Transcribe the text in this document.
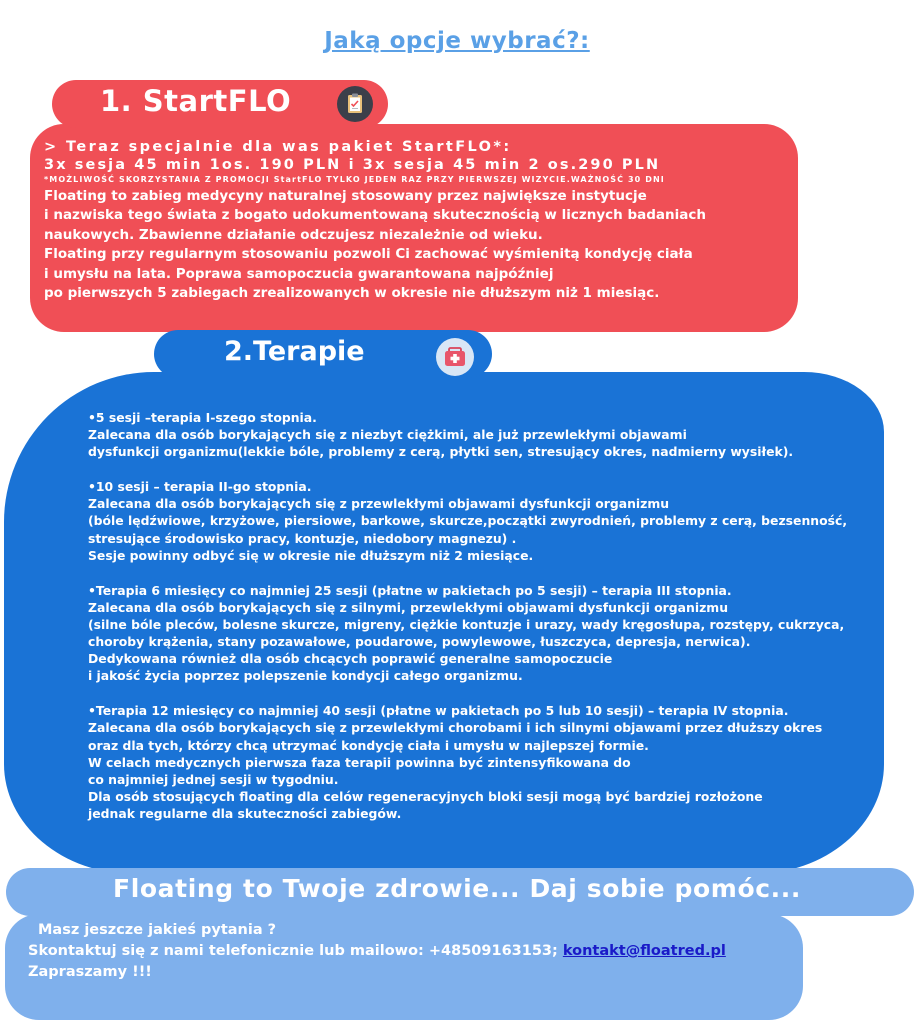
Jaką opcje wybrać?:
1. StartFLO
> Teraz specjalnie dla was pakiet StartFLO*:
3x sesja 45 min 1os. 190 PLN i 3x sesja 45 min 2 os.290 PLN
*MOŻLIWOŚĆ SKORZYSTANIA Z PROMOCJI StartFLO TYLKO JEDEN RAZ PRZY PIERWSZEJ WIZYCIE.WAŻNOŚĆ 30 DNI
Floating to zabieg medycyny naturalnej stosowany przez największe instytucje
i nazwiska tego świata z bogato udokumentowaną skutecznością w licznych badaniach
naukowych. Zbawienne działanie odczujesz niezależnie od wieku.
Floating przy regularnym stosowaniu pozwoli Ci zachować wyśmienitą kondycję ciała
i umysłu na lata. Poprawa samopoczucia gwarantowana najpóźniej
po pierwszych 5 zabiegach zrealizowanych w okresie nie dłuższym niż 1 miesiąc.
2.Terapie
•5 sesji –terapia I-szego stopnia.
Zalecana dla osób borykających się z niezbyt ciężkimi, ale już przewlekłymi objawami
dysfunkcji organizmu(lekkie bóle, problemy z cerą, płytki sen, stresujący okres, nadmierny wysiłek).
•10 sesji – terapia II-go stopnia.
Zalecana dla osób borykających się z przewlekłymi objawami dysfunkcji organizmu
(bóle lędźwiowe, krzyżowe, piersiowe, barkowe, skurcze,początki zwyrodnień, problemy z cerą, bezsenność,
stresujące środowisko pracy, kontuzje, niedobory magnezu) .
Sesje powinny odbyć się w okresie nie dłuższym niż 2 miesiące.
•Terapia 6 miesięcy co najmniej 25 sesji (płatne w pakietach po 5 sesji) – terapia III stopnia.
Zalecana dla osób borykających się z silnymi, przewlekłymi objawami dysfunkcji organizmu
(silne bóle pleców, bolesne skurcze, migreny, ciężkie kontuzje i urazy, wady kręgosłupa, rozstępy, cukrzyca,
choroby krążenia, stany pozawałowe, poudarowe, powylewowe, łuszczyca, depresja, nerwica).
Dedykowana również dla osób chcących poprawić generalne samopoczucie
i jakość życia poprzez polepszenie kondycji całego organizmu.
•Terapia 12 miesięcy co najmniej 40 sesji (płatne w pakietach po 5 lub 10 sesji) – terapia IV stopnia.
Zalecana dla osób borykających się z przewlekłymi chorobami i ich silnymi objawami przez dłuższy okres
oraz dla tych, którzy chcą utrzymać kondycję ciała i umysłu w najlepszej formie.
W celach medycznych pierwsza faza terapii powinna być zintensyfikowana do
co najmniej jednej sesji w tygodniu.
Dla osób stosujących floating dla celów regeneracyjnych bloki sesji mogą być bardziej rozłożone
jednak regularne dla skuteczności zabiegów.
Floating to Twoje zdrowie... Daj sobie pomóc...
Masz jeszcze jakieś pytania ?
Skontaktuj się z nami telefonicznie lub mailowo: +48509163153; kontakt@floatred.pl
Zapraszamy !!!
